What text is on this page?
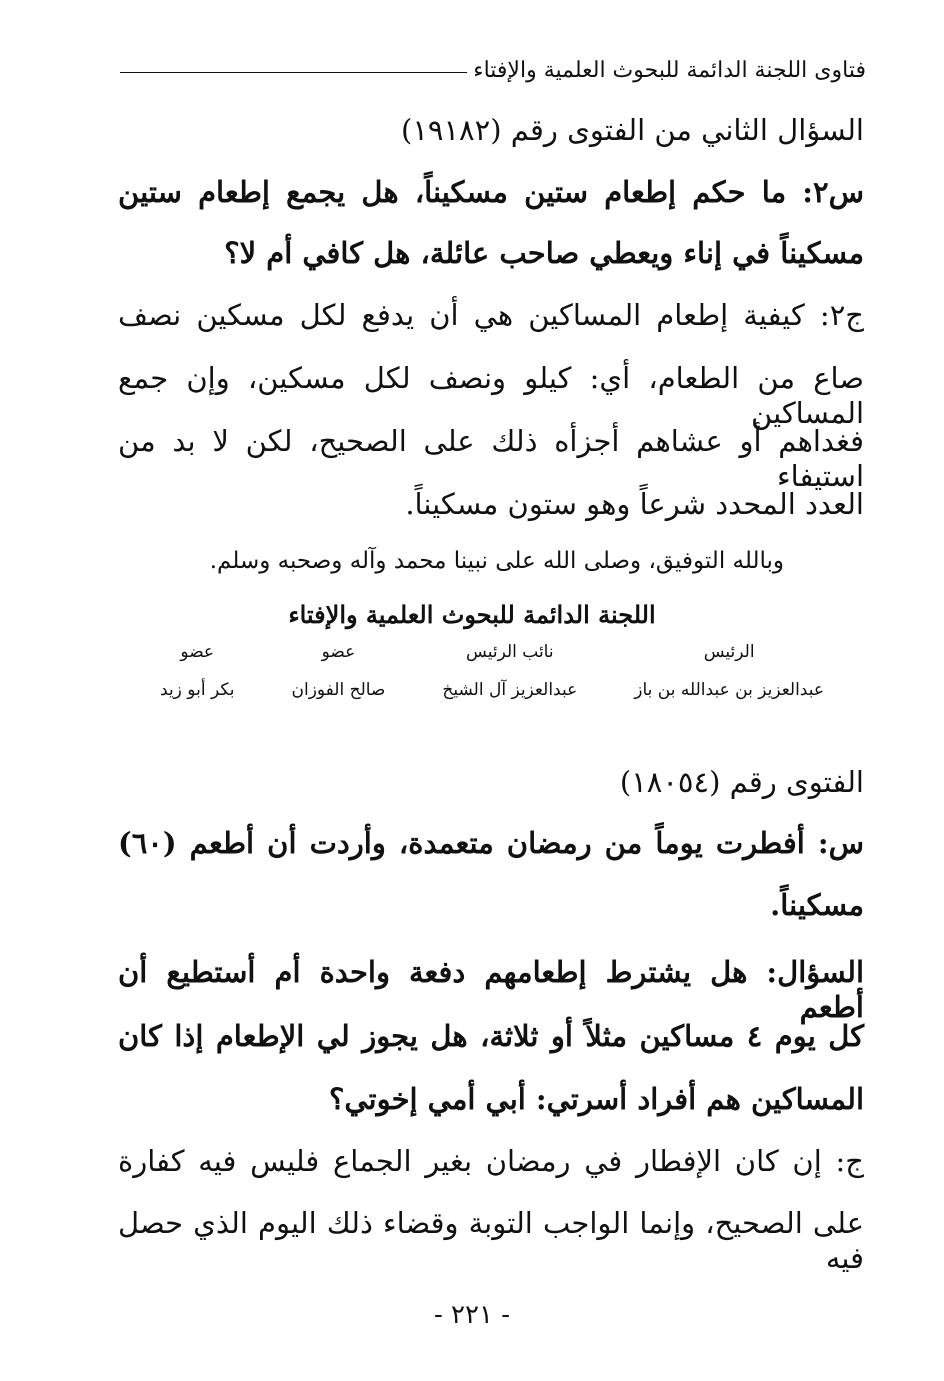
فتاوى اللجنة الدائمة للبحوث العلمية والإفتاء
السؤال الثاني من الفتوى رقم (١٩١٨٢)
س٢: ما حكم إطعام ستين مسكيناً، هل يجمع إطعام ستين
مسكيناً في إناء ويعطي صاحب عائلة، هل كافي أم لا؟
ج٢: كيفية إطعام المساكين هي أن يدفع لكل مسكين نصف
صاع من الطعام، أي: كيلو ونصف لكل مسكين، وإن جمع المساكين
فغداهم أو عشاهم أجزأه ذلك على الصحيح، لكن لا بد من استيفاء
العدد المحدد شرعاً وهو ستون مسكيناً.
وبالله التوفيق، وصلى الله على نبينا محمد وآله وصحبه وسلم.
اللجنة الدائمة للبحوث العلمية والإفتاء
الرئيس
عبدالعزيز بن عبدالله بن باز
نائب الرئيس
عبدالعزيز آل الشيخ
عضو
صالح الفوزان
عضو
بكر أبو زيد
الفتوى رقم (١٨٠٥٤)
س: أفطرت يوماً من رمضان متعمدة، وأردت أن أطعم (٦٠)
مسكيناً.
السؤال: هل يشترط إطعامهم دفعة واحدة أم أستطيع أن أطعم
كل يوم ٤ مساكين مثلاً أو ثلاثة، هل يجوز لي الإطعام إذا كان
المساكين هم أفراد أسرتي: أبي أمي إخوتي؟
ج: إن كان الإفطار في رمضان بغير الجماع فليس فيه كفارة
على الصحيح، وإنما الواجب التوبة وقضاء ذلك اليوم الذي حصل فيه
- ٢٢١ -
